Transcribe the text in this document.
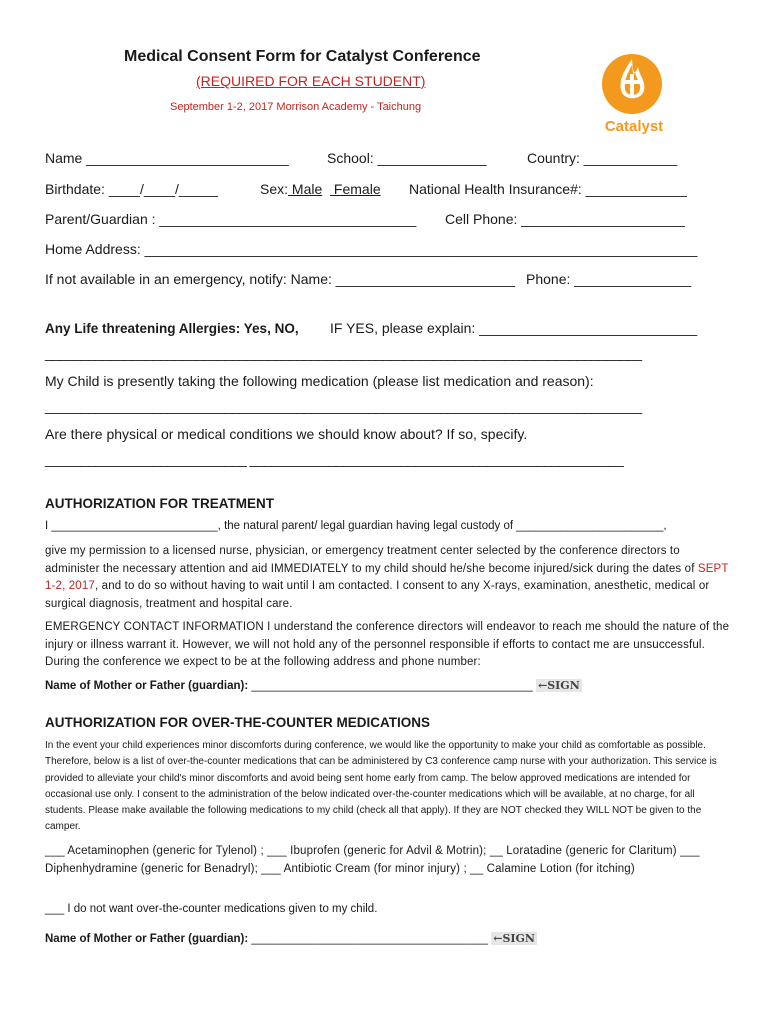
Medical Consent Form for Catalyst Conference
(REQUIRED FOR EACH STUDENT)
September 1-2, 2017 Morrison Academy - Taichung
Catalyst
Name __________________________	School: ______________	Country: ____________
Birthdate: ____/____/_____	Sex: Male   Female National Health Insurance#: _____________
Parent/Guardian : _________________________________ Cell Phone: _____________________
Home Address: _______________________________________________________________________
If not available in an emergency, notify: Name: _______________________ Phone: _______________
Any Life threatening Allergies: Yes, NO, IF YES, please explain: ____________________________
___________________________________________________________________________________
My Child is presently taking the following medication (please list medication and reason):
___________________________________________________________________________________
Are there physical or medical conditions we should know about? If so, specify.
____________________________ ____________________________________________________
AUTHORIZATION FOR TREATMENT
I __________________________, the natural parent/ legal guardian having legal custody of _______________________,
give my permission to a licensed nurse, physician, or emergency treatment center selected by the conference directors to administer the necessary attention and aid IMMEDIATELY to my child should he/she become injured/sick during the dates of SEPT 1-2, 2017, and to do so without having to wait until I am contacted. I consent to any X-rays, examination, anesthetic, medical or surgical diagnosis, treatment and hospital care.
EMERGENCY CONTACT INFORMATION I understand the conference directors will endeavor to reach me should the nature of the injury or illness warrant it. However, we will not hold any of the personnel responsible if efforts to contact me are unsuccessful. During the conference we expect to be at the following address and phone number:
Name of Mother or Father (guardian): ____________________________________________ ←SIGN
AUTHORIZATION FOR OVER-THE-COUNTER MEDICATIONS
In the event your child experiences minor discomforts during conference, we would like the opportunity to make your child as comfortable as possible. Therefore, below is a list of over-the-counter medications that can be administered by C3 conference camp nurse with your authorization. This service is provided to alleviate your child's minor discomforts and avoid being sent home early from camp. The below approved medications are intended for occasional use only. I consent to the administration of the below indicated over-the-counter medications which will be available, at no charge, for all students. Please make available the following medications to my child (check all that apply). If they are NOT checked they WILL NOT be given to the camper.
___ Acetaminophen (generic for Tylenol) ; ___ Ibuprofen (generic for Advil & Motrin); __ Loratadine (generic for Claritum) ___ Diphenhydramine (generic for Benadryl); ___ Antibiotic Cream (for minor injury) ; __ Calamine Lotion (for itching)
___ I do not want over-the-counter medications given to my child.
Name of Mother or Father (guardian): _____________________________________ ←SIGN
